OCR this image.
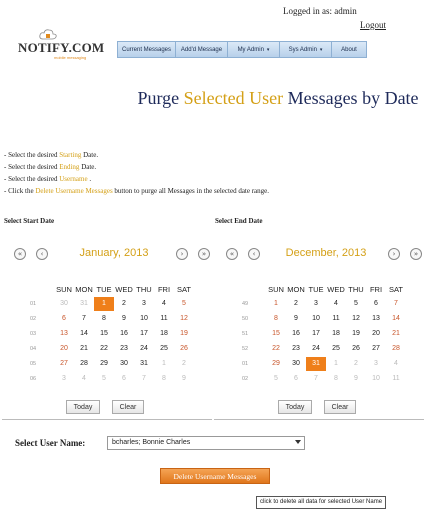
Logged in as: admin
Logout
NOTIFY.COM
mobile messaging
Current Messages	Add'd Message	My Admin ▾	Sys Admin ▾	About
Purge Selected User Messages by Date
- Select the desired Starting Date.
- Select the desired Ending Date.
- Select the desired Username .
- Click the Delete Username Messages button to purge all Messages in the selected date range.
Select Start Date	Select End Date
«	‹	January, 2013	›	»
SUN MON TUE WED THU FRI SAT
01	30	31	1	2	3	4	5
02	6	7	8	9	10	11	12
03	13	14	15	16	17	18	19
04	20	21	22	23	24	25	26
05	27	28	29	30	31	1	2
06	3	4	5	6	7	8	9
Today	Clear
«	‹	December, 2013	›	»
SUN MON TUE WED THU FRI SAT
49	1	2	3	4	5	6	7
50	8	9	10	11	12	13	14
51	15	16	17	18	19	20	21
52	22	23	24	25	26	27	28
01	29	30	31	1	2	3	4
02	5	6	7	8	9	10	11
Today	Clear
Select User Name:	bcharles; Bonnie Charles
Delete Username Messages
click to delete all data for selected User Name
